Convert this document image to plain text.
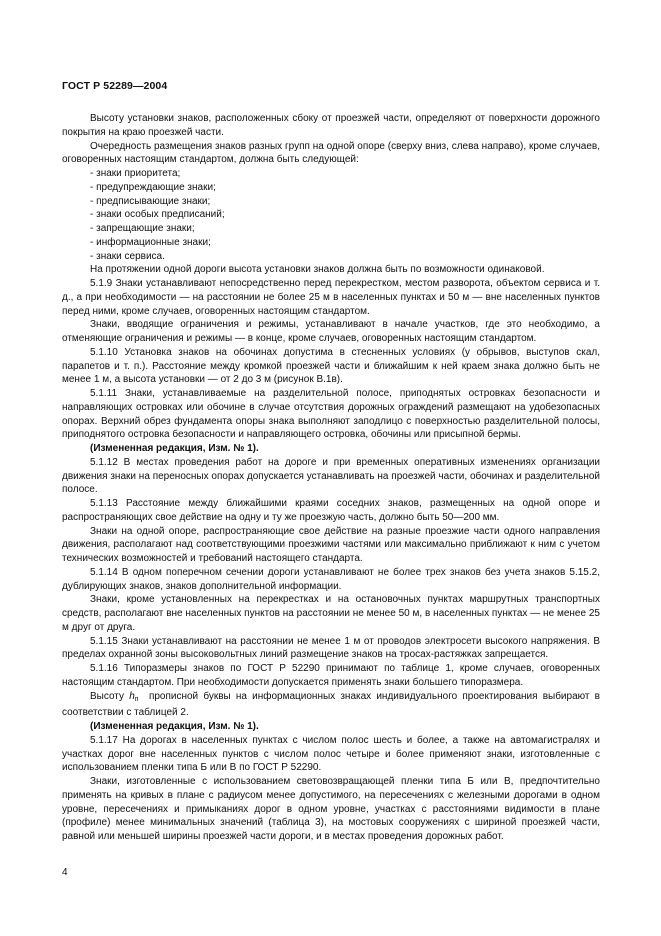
ГОСТ Р 52289—2004

Высоту установки знаков, расположенных сбоку от проезжей части, определяют от поверхности дорожного покрытия на краю проезжей части.

Очередность размещения знаков разных групп на одной опоре (сверху вниз, слева направо), кроме случаев, оговоренных настоящим стандартом, должна быть следующей:

- знаки приоритета;

- предупреждающие знаки;

- предписывающие знаки;

- знаки особых предписаний;

- запрещающие знаки;

- информационные знаки;

- знаки сервиса.

На протяжении одной дороги высота установки знаков должна быть по возможности одинаковой.

5.1.9 Знаки устанавливают непосредственно перед перекрестком, местом разворота, объектом сервиса и т. д., а при необходимости — на расстоянии не более 25 м в населенных пунктах и 50 м — вне населенных пунктов перед ними, кроме случаев, оговоренных настоящим стандартом.

Знаки, вводящие ограничения и режимы, устанавливают в начале участков, где это необходимо, а отменяющие ограничения и режимы — в конце, кроме случаев, оговоренных настоящим стандартом.

5.1.10 Установка знаков на обочинах допустима в стесненных условиях (у обрывов, выступов скал, парапетов и т. п.). Расстояние между кромкой проезжей части и ближайшим к ней краем знака должно быть не менее 1 м, а высота установки — от 2 до 3 м (рисунок В.1в).

5.1.11 Знаки, устанавливаемые на разделительной полосе, приподнятых островках безопасности и направляющих островках или обочине в случае отсутствия дорожных ограждений размещают на удобезопасных опорах. Верхний обрез фундамента опоры знака выполняют заподлицо с поверхностью разделительной полосы, приподнятого островка безопасности и направляющего островка, обочины или присыпной бермы.

(Измененная редакция, Изм. № 1).

5.1.12 В местах проведения работ на дороге и при временных оперативных изменениях организации движения знаки на переносных опорах допускается устанавливать на проезжей части, обочинах и разделительной полосе.

5.1.13 Расстояние между ближайшими краями соседних знаков, размещенных на одной опоре и распространяющих свое действие на одну и ту же проезжую часть, должно быть 50—200 мм.

Знаки на одной опоре, распространяющие свое действие на разные проезжие части одного направления движения, располагают над соответствующими проезжими частями или максимально приближают к ним с учетом технических возможностей и требований настоящего стандарта.

5.1.14 В одном поперечном сечении дороги устанавливают не более трех знаков без учета знаков 5.15.2, дублирующих знаков, знаков дополнительной информации.

Знаки, кроме установленных на перекрестках и на остановочных пунктах маршрутных транспортных средств, располагают вне населенных пунктов на расстоянии не менее 50 м, в населенных пунктах — не менее 25 м друг от друга.

5.1.15 Знаки устанавливают на расстоянии не менее 1 м от проводов электросети высокого напряжения. В пределах охранной зоны высоковольтных линий размещение знаков на тросах-растяжках запрещается.

5.1.16 Типоразмеры знаков по ГОСТ Р 52290 принимают по таблице 1, кроме случаев, оговоренных настоящим стандартом. При необходимости допускается применять знаки большего типоразмера.

Высоту $h_п$ прописной буквы на информационных знаках индивидуального проектирования выбирают в соответствии с таблицей 2.

(Измененная редакция, Изм. № 1).

5.1.17 На дорогах в населенных пунктах с числом полос шесть и более, а также на автомагистралях и участках дорог вне населенных пунктов с числом полос четыре и более применяют знаки, изготовленные с использованием пленки типа Б или В по ГОСТ Р 52290.

Знаки, изготовленные с использованием световозвращающей пленки типа Б или В, предпочтительно применять на кривых в плане с радиусом менее допустимого, на пересечениях с железными дорогами в одном уровне, пересечениях и примыканиях дорог в одном уровне, участках с расстояниями видимости в плане (профиле) менее минимальных значений (таблица 3), на мостовых сооружениях с шириной проезжей части, равной или меньшей ширины проезжей части дороги, и в местах проведения дорожных работ.

4
